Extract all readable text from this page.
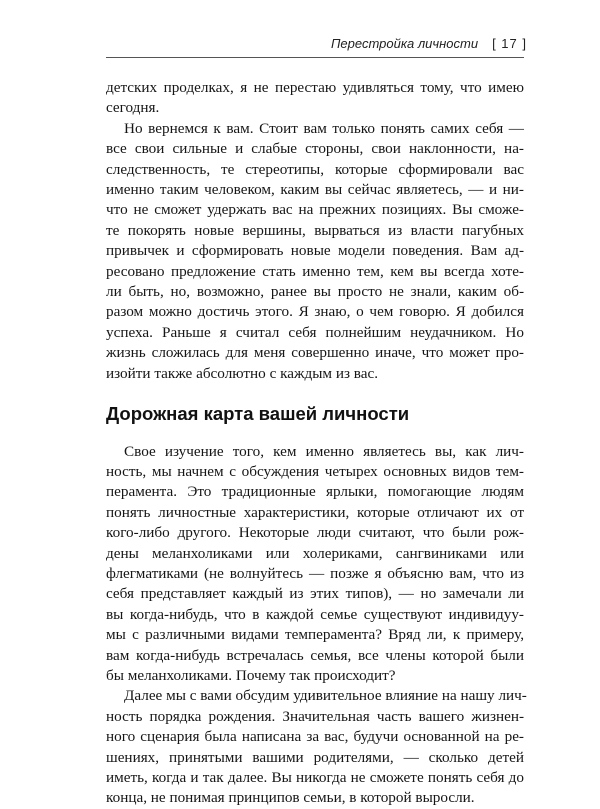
Перестройка личности [ 17 ]
детских проделках, я не перестаю удивляться тому, что имею
сегодня.
Но вернемся к вам. Стоит вам только понять самих себя —
все свои сильные и слабые стороны, свои наклонности, на-
следственность, те стереотипы, которые сформировали вас
именно таким человеком, каким вы сейчас являетесь, — и ни-
что не сможет удержать вас на прежних позициях. Вы сможе-
те покорять новые вершины, вырваться из власти пагубных
привычек и сформировать новые модели поведения. Вам ад-
ресовано предложение стать именно тем, кем вы всегда хоте-
ли быть, но, возможно, ранее вы просто не знали, каким об-
разом можно достичь этого. Я знаю, о чем говорю. Я добился
успеха. Раньше я считал себя полнейшим неудачником. Но
жизнь сложилась для меня совершенно иначе, что может про-
изойти также абсолютно с каждым из вас.
Дорожная карта вашей личности
Свое изучение того, кем именно являетесь вы, как лич-
ность, мы начнем с обсуждения четырех основных видов тем-
перамента. Это традиционные ярлыки, помогающие людям
понять личностные характеристики, которые отличают их от
кого-либо другого. Некоторые люди считают, что были рож-
дены меланхоликами или холериками, сангвиниками или
флегматиками (не волнуйтесь — позже я объясню вам, что из
себя представляет каждый из этих типов), — но замечали ли
вы когда-нибудь, что в каждой семье существуют индивидуу-
мы с различными видами темперамента? Вряд ли, к примеру,
вам когда-нибудь встречалась семья, все члены которой были
бы меланхоликами. Почему так происходит?
Далее мы с вами обсудим удивительное влияние на нашу лич-
ность порядка рождения. Значительная часть вашего жизнен-
ного сценария была написана за вас, будучи основанной на ре-
шениях, принятыми вашими родителями, — сколько детей
иметь, когда и так далее. Вы никогда не сможете понять себя до
конца, не понимая принципов семьи, в которой выросли.
